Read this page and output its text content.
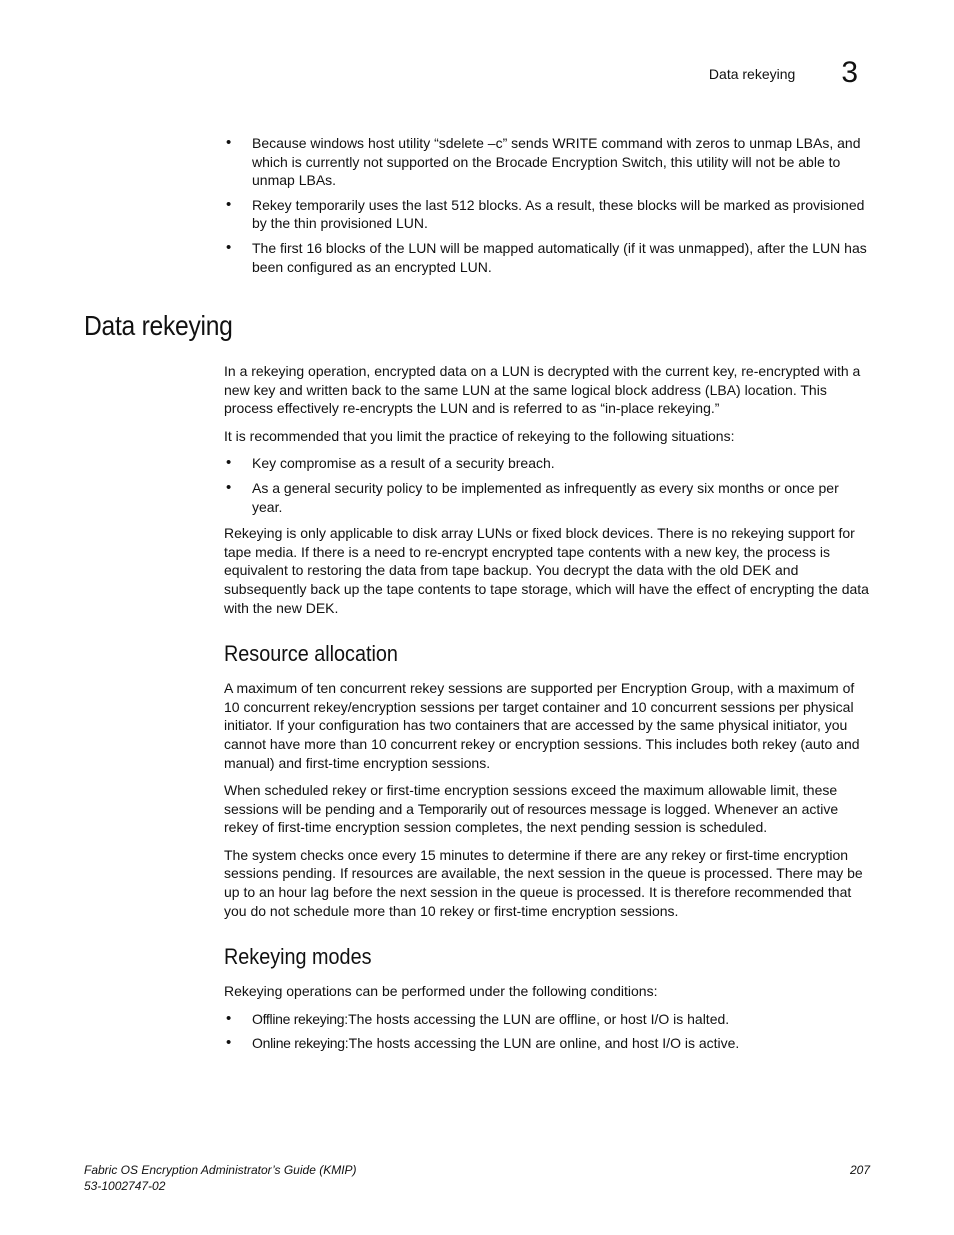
Data rekeying 3
• Because windows host utility “sdelete –c” sends WRITE command with zeros to unmap LBAs, and which is currently not supported on the Brocade Encryption Switch, this utility will not be able to unmap LBAs.
• Rekey temporarily uses the last 512 blocks. As a result, these blocks will be marked as provisioned by the thin provisioned LUN.
• The first 16 blocks of the LUN will be mapped automatically (if it was unmapped), after the LUN has been configured as an encrypted LUN.
Data rekeying

In a rekeying operation, encrypted data on a LUN is decrypted with the current key, re-encrypted with a new key and written back to the same LUN at the same logical block address (LBA) location. This process effectively re-encrypts the LUN and is referred to as “in-place rekeying.”

It is recommended that you limit the practice of rekeying to the following situations:

• Key compromise as a result of a security breach.
• As a general security policy to be implemented as infrequently as every six months or once per year.

Rekeying is only applicable to disk array LUNs or fixed block devices. There is no rekeying support for tape media. If there is a need to re-encrypt encrypted tape contents with a new key, the process is equivalent to restoring the data from tape backup. You decrypt the data with the old DEK and subsequently back up the tape contents to tape storage, which will have the effect of encrypting the data with the new DEK.

Resource allocation

A maximum of ten concurrent rekey sessions are supported per Encryption Group, with a maximum of 10 concurrent rekey/encryption sessions per target container and 10 concurrent sessions per physical initiator. If your configuration has two containers that are accessed by the same physical initiator, you cannot have more than 10 concurrent rekey or encryption sessions. This includes both rekey (auto and manual) and first-time encryption sessions.

When scheduled rekey or first-time encryption sessions exceed the maximum allowable limit, these sessions will be pending and a Temporarily out of resources message is logged. Whenever an active rekey of first-time encryption session completes, the next pending session is scheduled.

The system checks once every 15 minutes to determine if there are any rekey or first-time encryption sessions pending. If resources are available, the next session in the queue is processed. There may be up to an hour lag before the next session in the queue is processed. It is therefore recommended that you do not schedule more than 10 rekey or first-time encryption sessions.

Rekeying modes

Rekeying operations can be performed under the following conditions:

• Offline rekeying:The hosts accessing the LUN are offline, or host I/O is halted.
• Online rekeying:The hosts accessing the LUN are online, and host I/O is active.
Fabric OS Encryption Administrator’s Guide (KMIP)
53-1002747-02
207
